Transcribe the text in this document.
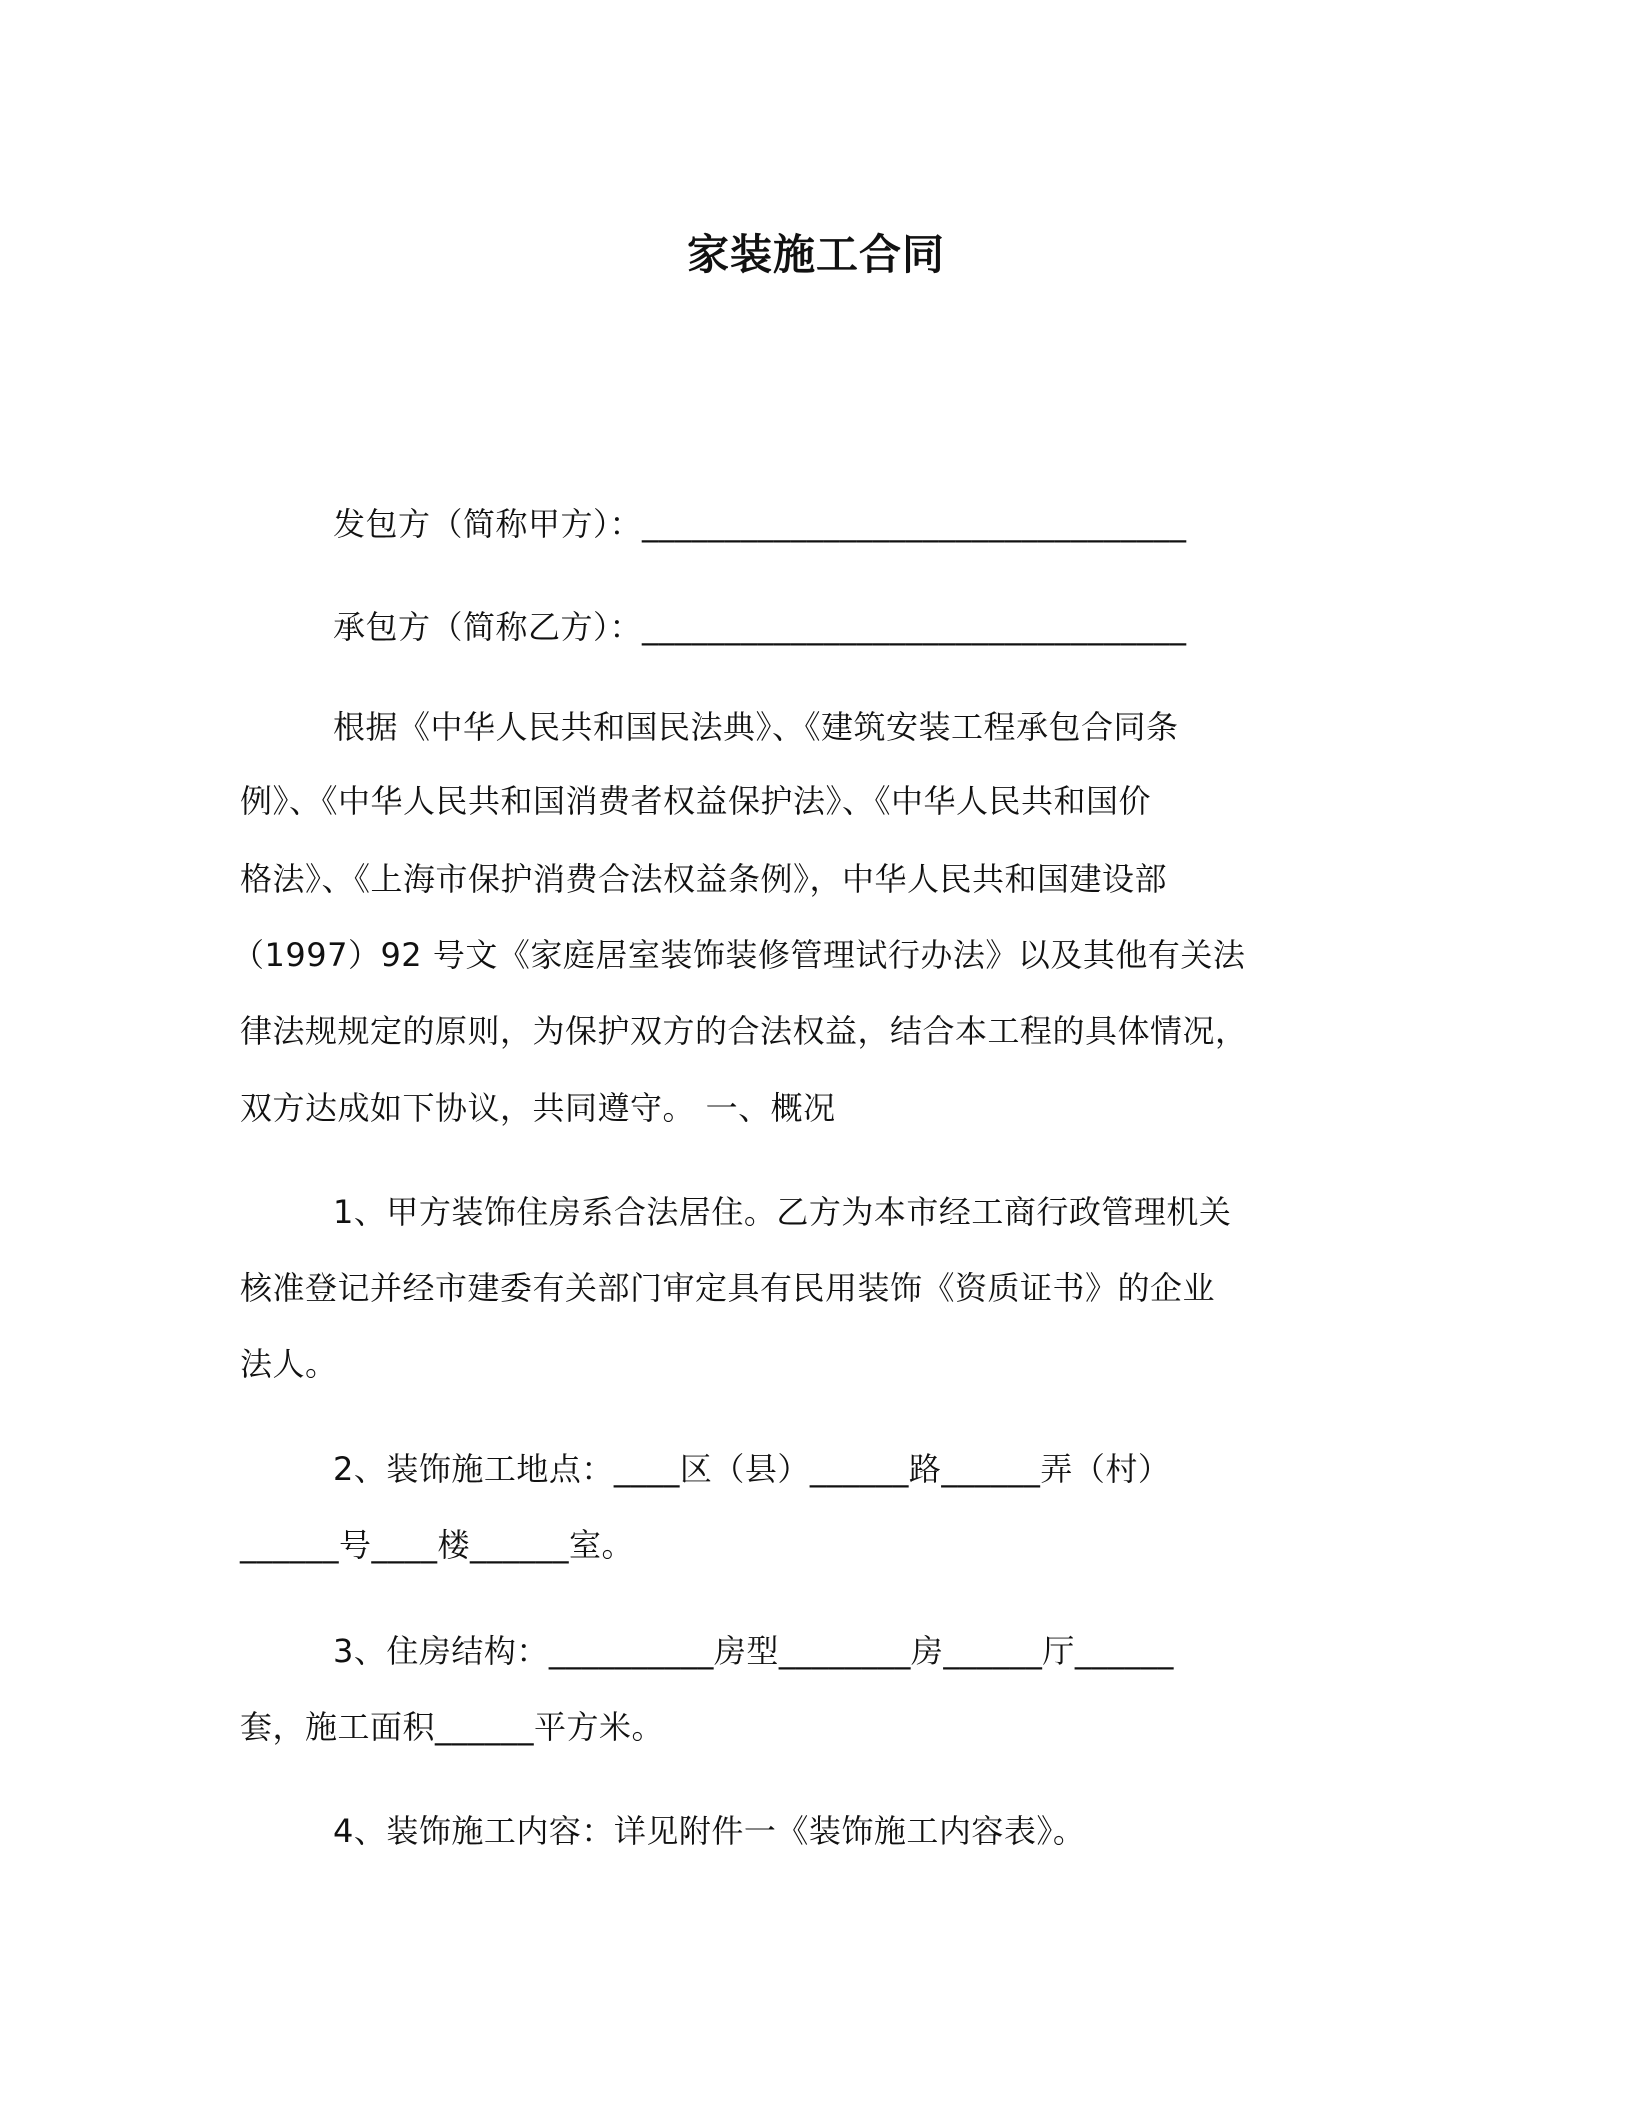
家装施工合同
发包方（简称甲方）：_________________________________
承包方（简称乙方）：_________________________________
根据《中华人民共和国民法典》、《建筑安装工程承包合同条
例》、《中华人民共和国消费者权益保护法》、《中华人民共和国价
格法》、《上海市保护消费合法权益条例》，中华人民共和国建设部
（1997）92 号文《家庭居室装饰装修管理试行办法》以及其他有关法
律法规规定的原则，为保护双方的合法权益，结合本工程的具体情况，
双方达成如下协议，共同遵守。 一、概况
1、甲方装饰住房系合法居住。乙方为本市经工商行政管理机关
核准登记并经市建委有关部门审定具有民用装饰《资质证书》的企业
法人。
2、装饰施工地点：____区（县）______路______弄（村）
______号____楼______室。
3、住房结构：__________房型________房______厅______
套，施工面积______平方米。
4、装饰施工内容：详见附件一《装饰施工内容表》。
